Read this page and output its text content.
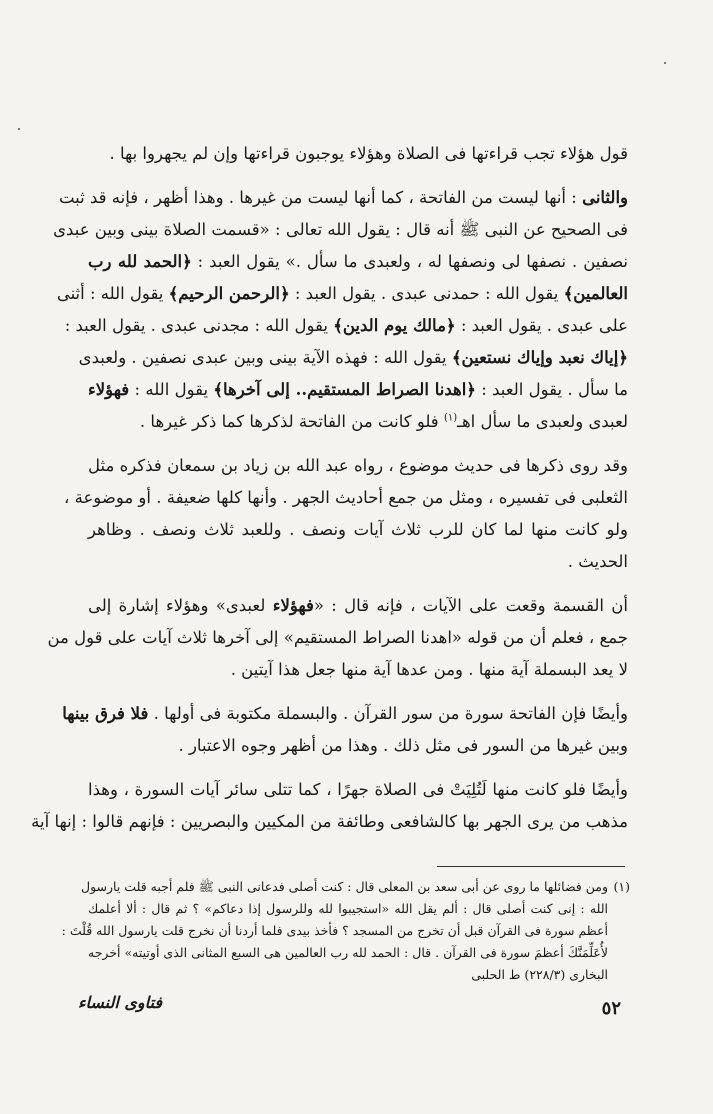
قول هؤلاء تجب قراءتها فى الصلاة وهؤلاء يوجبون قراءتها وإن لم يجهروا بها .
والثانى : أنها ليست من الفاتحة ، كما أنها ليست من غيرها . وهذا أظهر ، فإنه قد ثبت
فى الصحيح عن النبى ﷺ أنه قال : يقول الله تعالى : «قسمت الصلاة بينى وبين عبدى
نصفين . نصفها لى ونصفها له ، ولعبدى ما سأل .» يقول العبد : ﴿الحمد لله رب
العالمين﴾ يقول الله : حمدنى عبدى . يقول العبد : ﴿الرحمن الرحيم﴾ يقول الله : أثنى
على عبدى . يقول العبد : ﴿مالك يوم الدين﴾ يقول الله : مجدنى عبدى . يقول العبد :
﴿إياك نعبد وإياك نستعين﴾ يقول الله : فهذه الآية بينى وبين عبدى نصفين . ولعبدى
ما سأل . يقول العبد : ﴿اهدنا الصراط المستقيم.. إلى آخرها﴾ يقول الله : فهؤلاء
لعبدى ولعبدى ما سأل اهـ$^{(١)}$ فلو كانت من الفاتحة لذكرها كما ذكر غيرها .
وقد روى ذكرها فى حديث موضوع ، رواه عبد الله بن زياد بن سمعان فذكره مثل
الثعلبى فى تفسيره ، ومثل من جمع أحاديث الجهر . وأنها كلها ضعيفة . أو موضوعة ،
ولو كانت منها لما كان للرب ثلاث آيات ونصف . وللعبد ثلاث ونصف . وظاهر
الحديث .
أن القسمة وقعت على الآيات ، فإنه قال : «فهؤلاء لعبدى» وهؤلاء إشارة إلى
جمع ، فعلم أن من قوله «اهدنا الصراط المستقيم» إلى آخرها ثلاث آيات على قول من
لا يعد البسملة آية منها . ومن عدها آية منها جعل هذا آيتين .
وأيضًا فإن الفاتحة سورة من سور القرآن . والبسملة مكتوبة فى أولها . فلا فرق بينها
وبين غيرها من السور فى مثل ذلك . وهذا من أظهر وجوه الاعتبار .
وأيضًا فلو كانت منها لَتُلِيَتْ فى الصلاة جهرًا ، كما تتلى سائر آيات السورة ، وهذا
مذهب من يرى الجهر بها كالشافعى وطائفة من المكيين والبصريين : فإنهم قالوا : إنها آية
(١)ومن فضائلها ما روى عن أبى سعد بن المعلى قال : كنت أصلى فدعانى النبى ﷺ فلم أجبه قلت يارسول
الله : إنى كنت أصلى قال : ألم يقل الله «استجيبوا لله وللرسول إذا دعاكم» ؟ ثم قال : ألا أعلمك
أعظم سورة فى القرآن قبل أن تخرج من المسجد ؟ فأخذ بيدى فلما أردنا أن نخرج قلت يارسول الله قُلْتَ :
لأُعَلِّمَنَّكَ أعظمَ سورة فى القرآن . قال : الحمد لله رب العالمين هى السبع المثانى الذى أوتيته» أخرجه
البخارى (٢٢٨/٣) ط الحلبى
٥٢
فتاوى النساء
